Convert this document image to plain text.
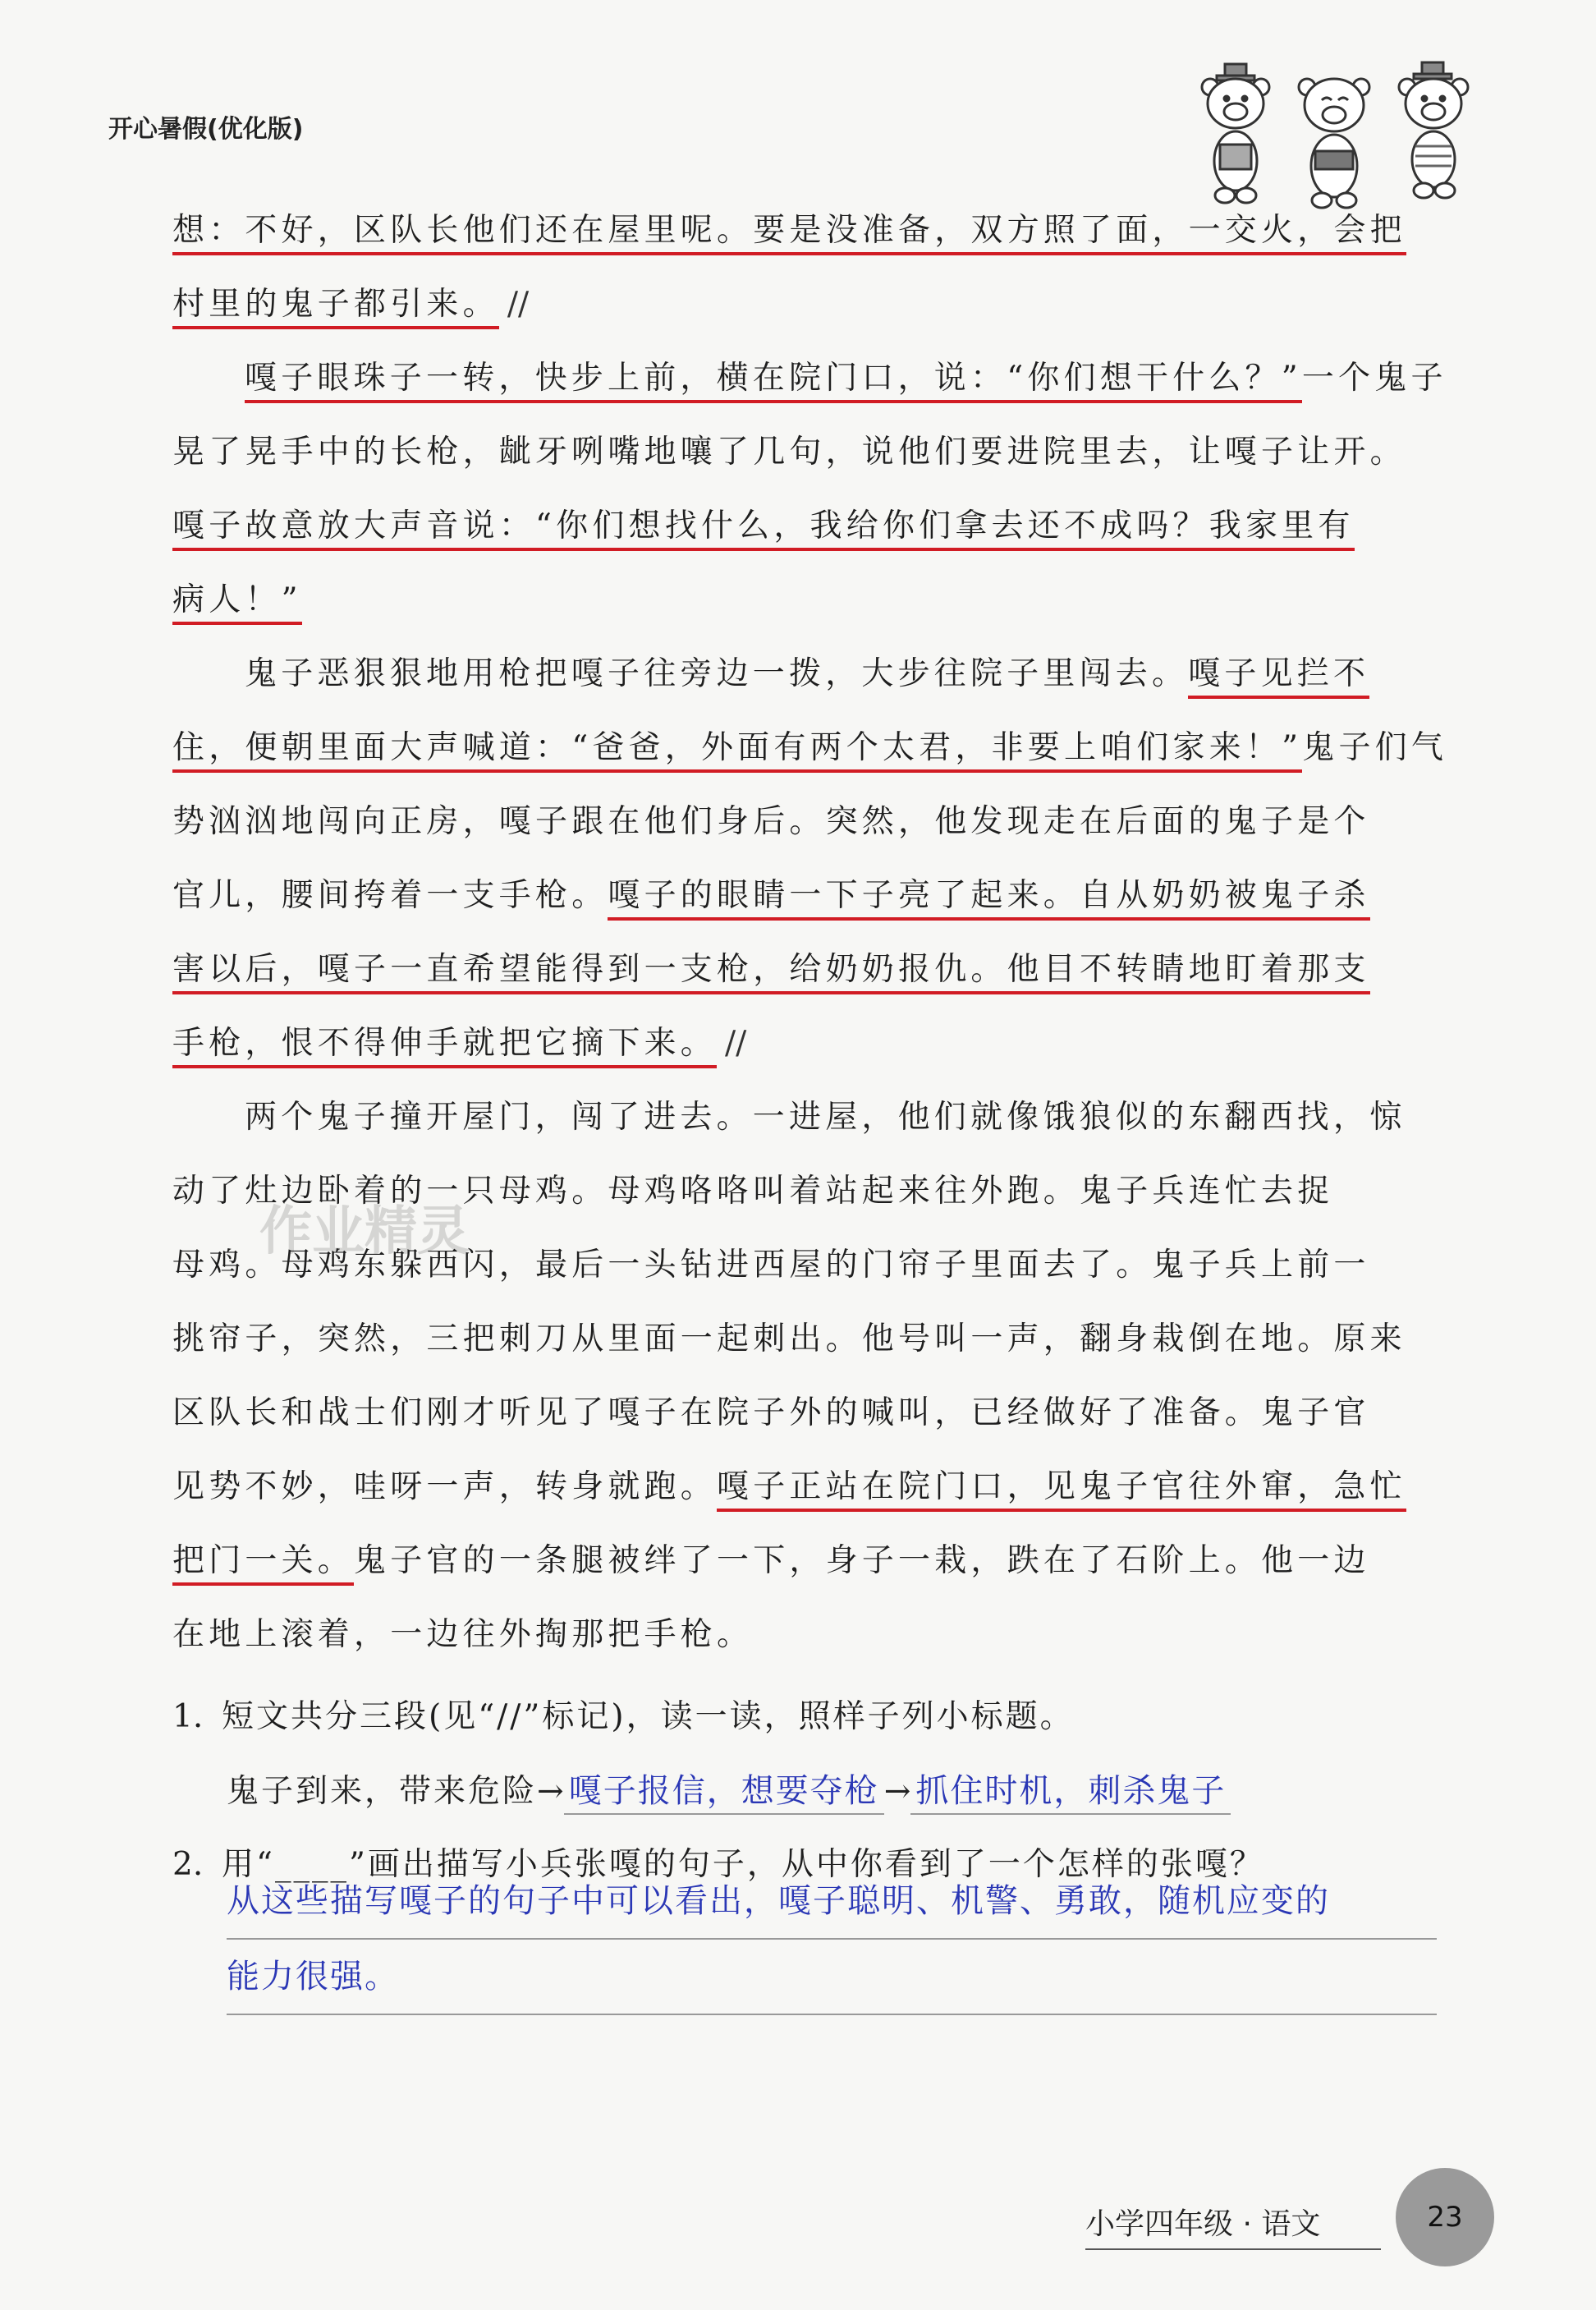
开心暑假(优化版)
作业精灵
想：不好，区队长他们还在屋里呢。要是没准备，双方照了面，一交火，会把
村里的鬼子都引来。 //
嘎子眼珠子一转，快步上前，横在院门口，说：“你们想干什么？”一个鬼子
晃了晃手中的长枪，龇牙咧嘴地嚷了几句，说他们要进院里去，让嘎子让开。
嘎子故意放大声音说：“你们想找什么，我给你们拿去还不成吗？我家里有
病人！”
鬼子恶狠狠地用枪把嘎子往旁边一拨，大步往院子里闯去。嘎子见拦不
住，便朝里面大声喊道：“爸爸，外面有两个太君，非要上咱们家来！”鬼子们气
势汹汹地闯向正房，嘎子跟在他们身后。突然，他发现走在后面的鬼子是个
官儿，腰间挎着一支手枪。嘎子的眼睛一下子亮了起来。自从奶奶被鬼子杀
害以后，嘎子一直希望能得到一支枪，给奶奶报仇。他目不转睛地盯着那支
手枪，恨不得伸手就把它摘下来。 //
两个鬼子撞开屋门，闯了进去。一进屋，他们就像饿狼似的东翻西找，惊
动了灶边卧着的一只母鸡。母鸡咯咯叫着站起来往外跑。鬼子兵连忙去捉
母鸡。母鸡东躲西闪，最后一头钻进西屋的门帘子里面去了。鬼子兵上前一
挑帘子，突然，三把刺刀从里面一起刺出。他号叫一声，翻身栽倒在地。原来
区队长和战士们刚才听见了嘎子在院子外的喊叫，已经做好了准备。鬼子官
见势不妙，哇呀一声，转身就跑。嘎子正站在院门口，见鬼子官往外窜，急忙
把门一关。鬼子官的一条腿被绊了一下，身子一栽，跌在了石阶上。他一边
在地上滚着，一边往外掏那把手枪。
1. 短文共分三段(见“//”标记)，读一读，照样子列小标题。
鬼子到来，带来危险→ 嘎子报信，想要夺枪 → 抓住时机，刺杀鬼子
2. 用“____”画出描写小兵张嘎的句子，从中你看到了一个怎样的张嘎？
从这些描写嘎子的句子中可以看出，嘎子聪明、机警、勇敢，随机应变的
能力很强。
小学四年级 · 语文	23
